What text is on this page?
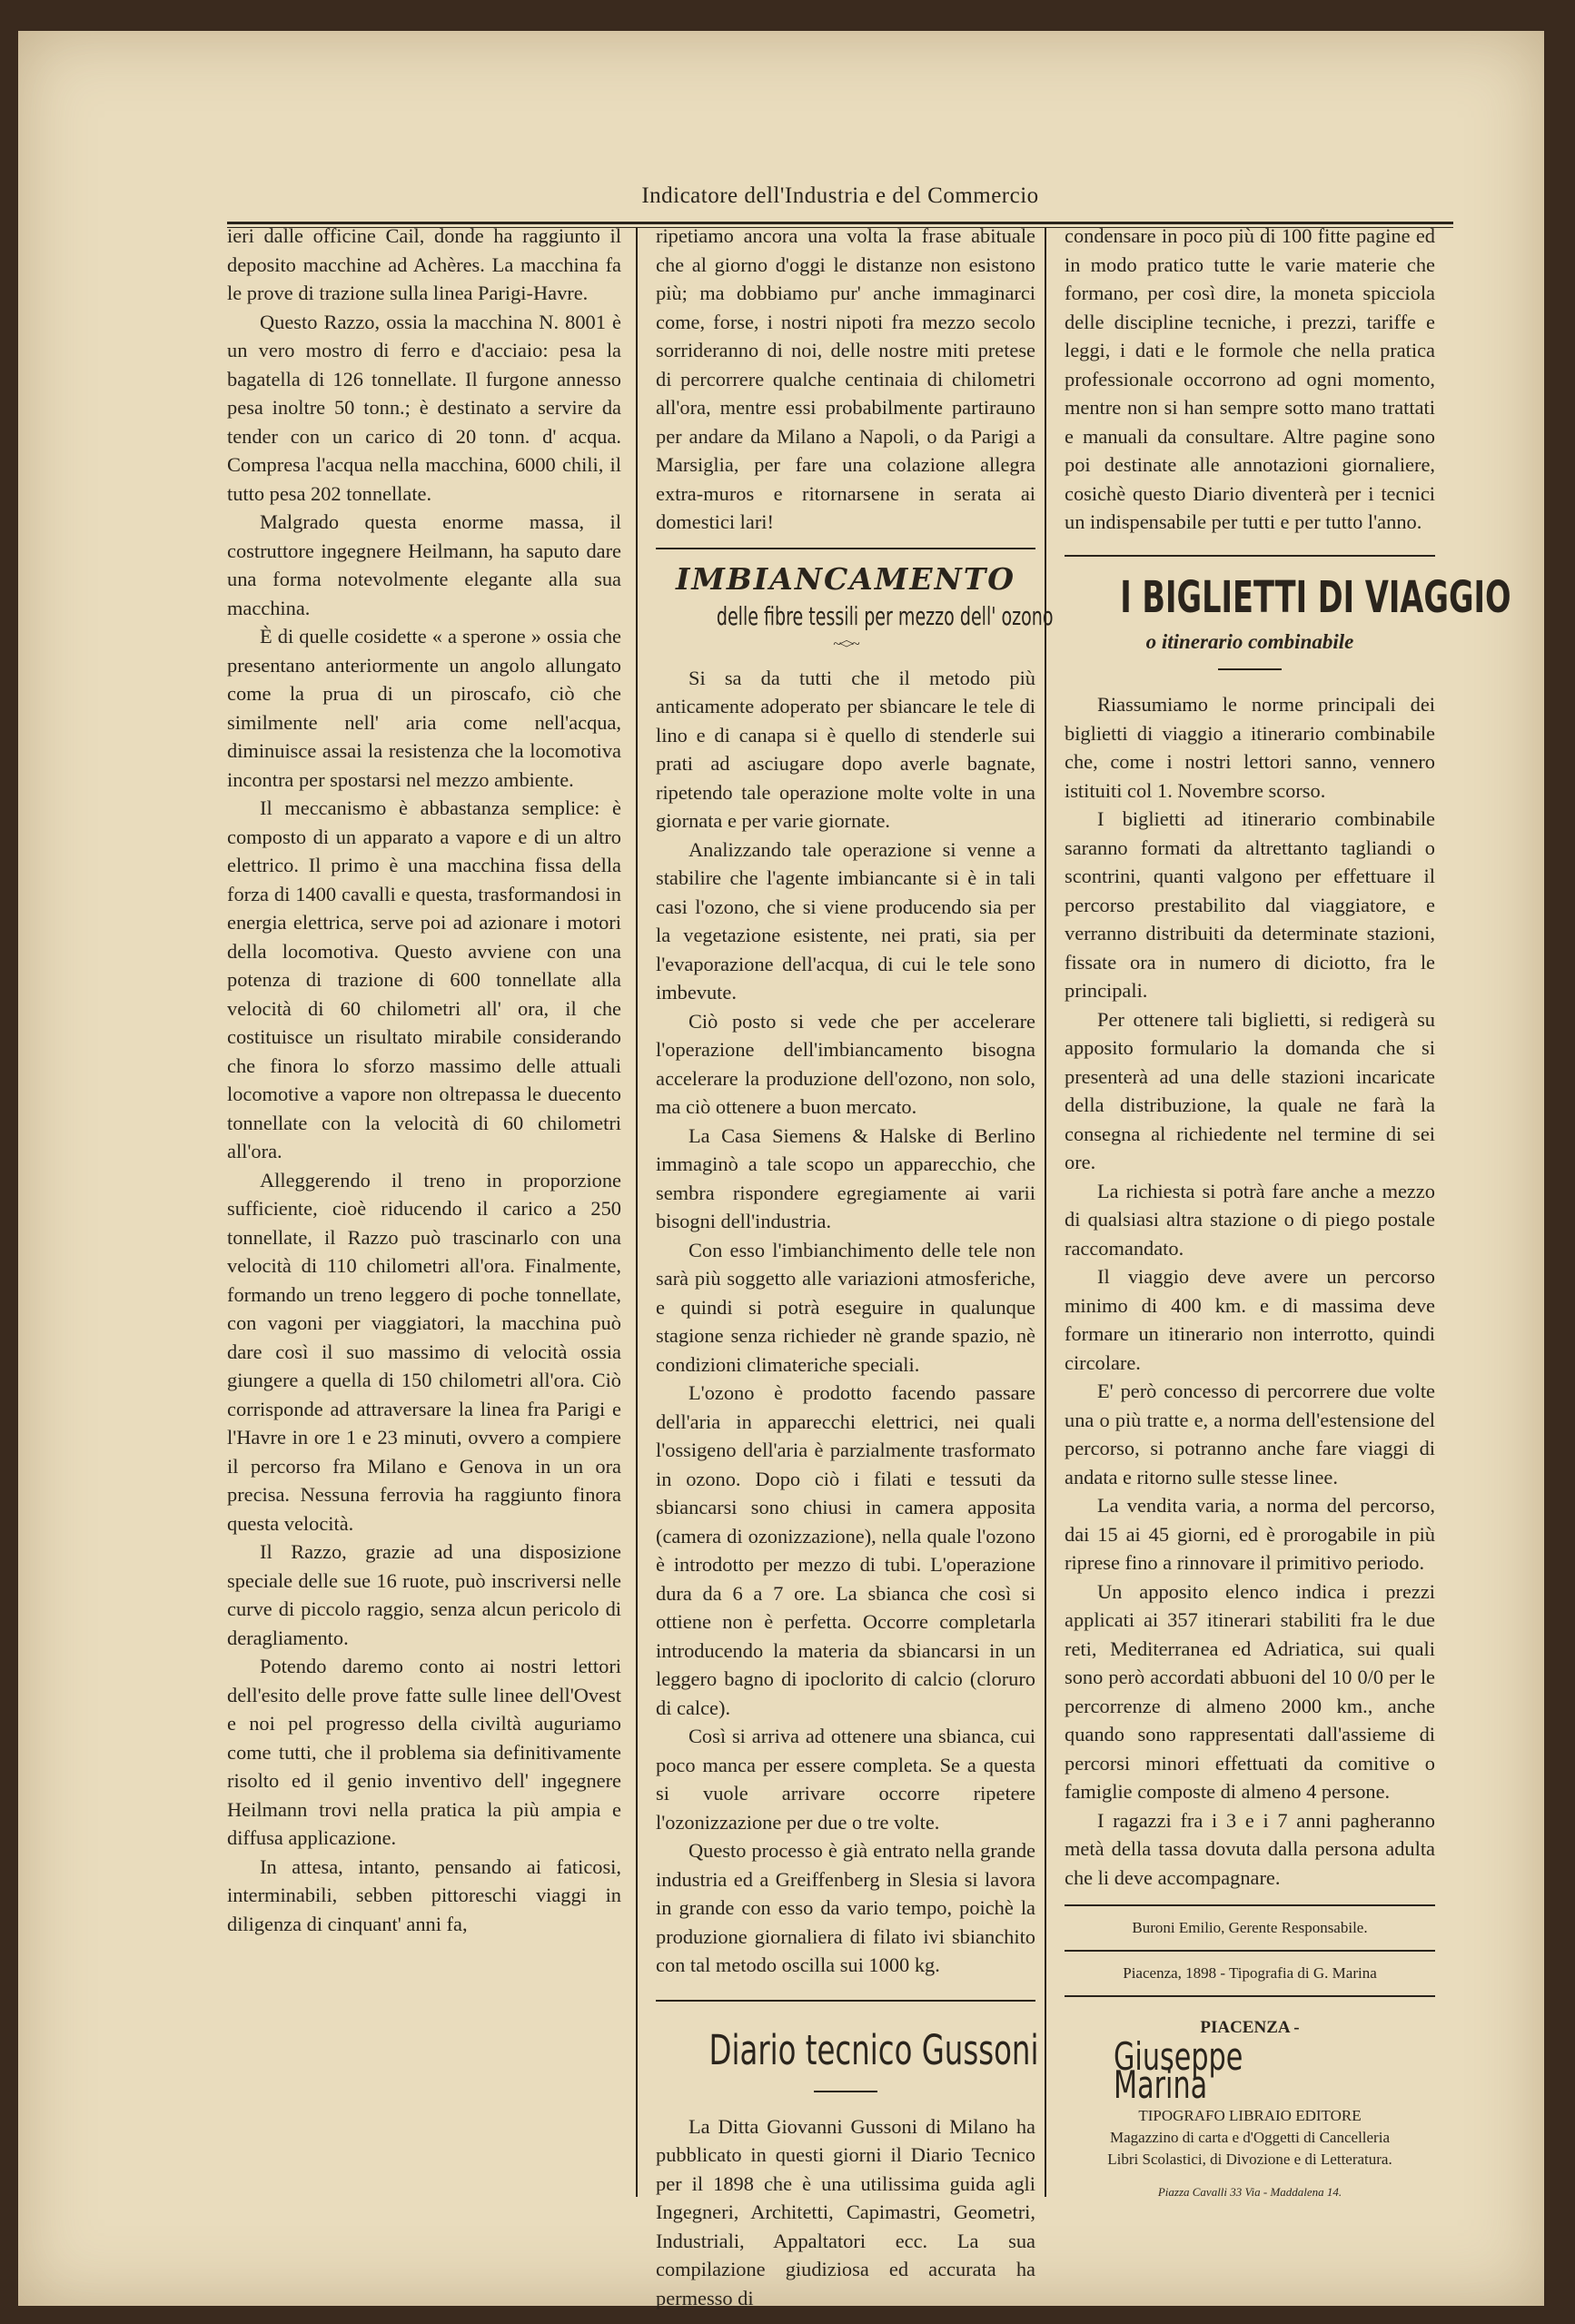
Indicatore dell'Industria e del Commercio

ieri dalle officine Cail, donde ha raggiunto il deposito macchine ad Achères. La macchina fa le prove di trazione sulla linea Parigi-Havre.

Questo Razzo, ossia la macchina N. 8001 è un vero mostro di ferro e d'acciaio: pesa la bagatella di 126 tonnellate. Il furgone annesso pesa inoltre 50 tonn.; è destinato a servire da tender con un carico di 20 tonn. d' acqua. Compresa l'acqua nella macchina, 6000 chili, il tutto pesa 202 tonnellate.

Malgrado questa enorme massa, il costruttore ingegnere Heilmann, ha saputo dare una forma notevolmente elegante alla sua macchina.

È di quelle cosidette « a sperone » ossia che presentano anteriormente un angolo allungato come la prua di un piroscafo, ciò che similmente nell' aria come nell'acqua, diminuisce assai la resistenza che la locomotiva incontra per spostarsi nel mezzo ambiente.

Il meccanismo è abbastanza semplice: è composto di un apparato a vapore e di un altro elettrico. Il primo è una macchina fissa della forza di 1400 cavalli e questa, trasformandosi in energia elettrica, serve poi ad azionare i motori della locomotiva. Questo avviene con una potenza di trazione di 600 tonnellate alla velocità di 60 chilometri all' ora, il che costituisce un risultato mirabile considerando che finora lo sforzo massimo delle attuali locomotive a vapore non oltrepassa le duecento tonnellate con la velocità di 60 chilometri all'ora.

Alleggerendo il treno in proporzione sufficiente, cioè riducendo il carico a 250 tonnellate, il Razzo può trascinarlo con una velocità di 110 chilometri all'ora. Finalmente, formando un treno leggero di poche tonnellate, con vagoni per viaggiatori, la macchina può dare così il suo massimo di velocità ossia giungere a quella di 150 chilometri all'ora. Ciò corrisponde ad attraversare la linea fra Parigi e l'Havre in ore 1 e 23 minuti, ovvero a compiere il percorso fra Milano e Genova in un ora precisa. Nessuna ferrovia ha raggiunto finora questa velocità.

Il Razzo, grazie ad una disposizione speciale delle sue 16 ruote, può inscriversi nelle curve di piccolo raggio, senza alcun pericolo di deragliamento.

Potendo daremo conto ai nostri lettori dell'esito delle prove fatte sulle linee dell'Ovest e noi pel progresso della civiltà auguriamo come tutti, che il problema sia definitivamente risolto ed il genio inventivo dell' ingegnere Heilmann trovi nella pratica la più ampia e diffusa applicazione.

In attesa, intanto, pensando ai faticosi, interminabili, sebben pittoreschi viaggi in diligenza di cinquant' anni fa,

ripetiamo ancora una volta la frase abituale che al giorno d'oggi le distanze non esistono più; ma dobbiamo pur' anche immaginarci come, forse, i nostri nipoti fra mezzo secolo sorrideranno di noi, delle nostre miti pretese di percorrere qualche centinaia di chilometri all'ora, mentre essi probabilmente partirauno per andare da Milano a Napoli, o da Parigi a Marsiglia, per fare una colazione allegra extra-muros e ritornarsene in serata ai domestici lari!

IMBIANCAMENTO
delle fibre tessili per mezzo dell' ozono
~<>~

Si sa da tutti che il metodo più anticamente adoperato per sbiancare le tele di lino e di canapa si è quello di stenderle sui prati ad asciugare dopo averle bagnate, ripetendo tale operazione molte volte in una giornata e per varie giornate.

Analizzando tale operazione si venne a stabilire che l'agente imbiancante si è in tali casi l'ozono, che si viene producendo sia per la vegetazione esistente, nei prati, sia per l'evaporazione dell'acqua, di cui le tele sono imbevute.

Ciò posto si vede che per accelerare l'operazione dell'imbiancamento bisogna accelerare la produzione dell'ozono, non solo, ma ciò ottenere a buon mercato.

La Casa Siemens & Halske di Berlino immaginò a tale scopo un apparecchio, che sembra rispondere egregiamente ai varii bisogni dell'industria.

Con esso l'imbianchimento delle tele non sarà più soggetto alle variazioni atmosferiche, e quindi si potrà eseguire in qualunque stagione senza richieder nè grande spazio, nè condizioni climateriche speciali.

L'ozono è prodotto facendo passare dell'aria in apparecchi elettrici, nei quali l'ossigeno dell'aria è parzialmente trasformato in ozono. Dopo ciò i filati e tessuti da sbiancarsi sono chiusi in camera apposita (camera di ozonizzazione), nella quale l'ozono è introdotto per mezzo di tubi. L'operazione dura da 6 a 7 ore. La sbianca che così si ottiene non è perfetta. Occorre completarla introducendo la materia da sbiancarsi in un leggero bagno di ipoclorito di calcio (cloruro di calce).

Così si arriva ad ottenere una sbianca, cui poco manca per essere completa. Se a questa si vuole arrivare occorre ripetere l'ozonizzazione per due o tre volte.

Questo processo è già entrato nella grande industria ed a Greiffenberg in Slesia si lavora in grande con esso da vario tempo, poichè la produzione giornaliera di filato ivi sbianchito con tal metodo oscilla sui 1000 kg.

Diario tecnico Gussoni

La Ditta Giovanni Gussoni di Milano ha pubblicato in questi giorni il Diario Tecnico per il 1898 che è una utilissima guida agli Ingegneri, Architetti, Capimastri, Geometri, Industriali, Appaltatori ecc. La sua compilazione giudiziosa ed accurata ha permesso di

condensare in poco più di 100 fitte pagine ed in modo pratico tutte le varie materie che formano, per così dire, la moneta spicciola delle discipline tecniche, i prezzi, tariffe e leggi, i dati e le formole che nella pratica professionale occorrono ad ogni momento, mentre non si han sempre sotto mano trattati e manuali da consultare. Altre pagine sono poi destinate alle annotazioni giornaliere, cosichè questo Diario diventerà per i tecnici un indispensabile per tutti e per tutto l'anno.

I BIGLIETTI DI VIAGGIO
o itinerario combinabile

Riassumiamo le norme principali dei biglietti di viaggio a itinerario combinabile che, come i nostri lettori sanno, vennero istituiti col 1. Novembre scorso.

I biglietti ad itinerario combinabile saranno formati da altrettanto tagliandi o scontrini, quanti valgono per effettuare il percorso prestabilito dal viaggiatore, e verranno distribuiti da determinate stazioni, fissate ora in numero di diciotto, fra le principali.

Per ottenere tali biglietti, si redigerà su apposito formulario la domanda che si presenterà ad una delle stazioni incaricate della distribuzione, la quale ne farà la consegna al richiedente nel termine di sei ore.

La richiesta si potrà fare anche a mezzo di qualsiasi altra stazione o di piego postale raccomandato.

Il viaggio deve avere un percorso minimo di 400 km. e di massima deve formare un itinerario non interrotto, quindi circolare.

E' però concesso di percorrere due volte una o più tratte e, a norma dell'estensione del percorso, si potranno anche fare viaggi di andata e ritorno sulle stesse linee.

La vendita varia, a norma del percorso, dai 15 ai 45 giorni, ed è prorogabile in più riprese fino a rinnovare il primitivo periodo.

Un apposito elenco indica i prezzi applicati ai 357 itinerari stabiliti fra le due reti, Mediterranea ed Adriatica, sui quali sono però accordati abbuoni del 10 0/0 per le percorrenze di almeno 2000 km., anche quando sono rappresentati dall'assieme di percorsi minori effettuati da comitive o famiglie composte di almeno 4 persone.

I ragazzi fra i 3 e i 7 anni pagheranno metà della tassa dovuta dalla persona adulta che li deve accompagnare.

Buroni Emilio, Gerente Responsabile.
Piacenza, 1898 - Tipografia di G. Marina
PIACENZA - Giuseppe Marina
TIPOGRAFO LIBRAIO EDITORE
Magazzino di carta e d'Oggetti di Cancelleria
Libri Scolastici, di Divozione e di Letteratura.
Piazza Cavalli 33 Via - Maddalena 14.
